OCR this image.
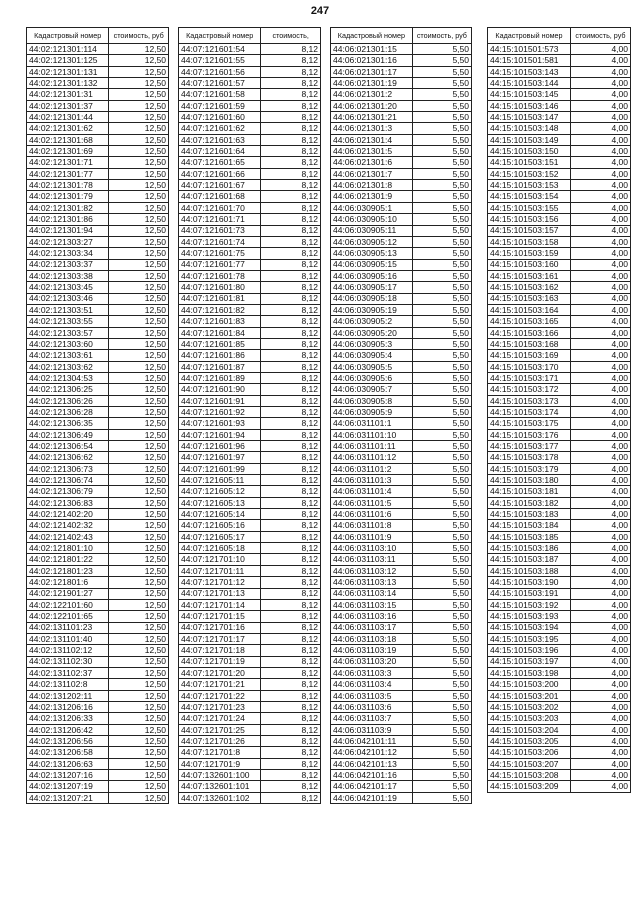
247
Кадастровый номер	стоимость, руб
44:02:121301:114	12,50
44:02:121301:125	12,50
44:02:121301:131	12,50
44:02:121301:132	12,50
44:02:121301:31	12,50
44:02:121301:37	12,50
44:02:121301:44	12,50
44:02:121301:62	12,50
44:02:121301:68	12,50
44:02:121301:69	12,50
44:02:121301:71	12,50
44:02:121301:77	12,50
44:02:121301:78	12,50
44:02:121301:79	12,50
44:02:121301:82	12,50
44:02:121301:86	12,50
44:02:121301:94	12,50
44:02:121303:27	12,50
44:02:121303:34	12,50
44:02:121303:37	12,50
44:02:121303:38	12,50
44:02:121303:45	12,50
44:02:121303:46	12,50
44:02:121303:51	12,50
44:02:121303:55	12,50
44:02:121303:57	12,50
44:02:121303:60	12,50
44:02:121303:61	12,50
44:02:121303:62	12,50
44:02:121304:53	12,50
44:02:121306:25	12,50
44:02:121306:26	12,50
44:02:121306:28	12,50
44:02:121306:35	12,50
44:02:121306:49	12,50
44:02:121306:54	12,50
44:02:121306:62	12,50
44:02:121306:73	12,50
44:02:121306:74	12,50
44:02:121306:79	12,50
44:02:121306:83	12,50
44:02:121402:20	12,50
44:02:121402:32	12,50
44:02:121402:43	12,50
44:02:121801:10	12,50
44:02:121801:22	12,50
44:02:121801:23	12,50
44:02:121801:6	12,50
44:02:121901:27	12,50
44:02:122101:60	12,50
44:02:122101:65	12,50
44:02:131101:23	12,50
44:02:131101:40	12,50
44:02:131102:12	12,50
44:02:131102:30	12,50
44:02:131102:37	12,50
44:02:131102:8	12,50
44:02:131202:11	12,50
44:02:131206:16	12,50
44:02:131206:33	12,50
44:02:131206:42	12,50
44:02:131206:56	12,50
44:02:131206:58	12,50
44:02:131206:63	12,50
44:02:131207:16	12,50
44:02:131207:19	12,50
44:02:131207:21	12,50
Кадастровый номер	стоимость,
44:07:121601:54	8,12
44:07:121601:55	8,12
44:07:121601:56	8,12
44:07:121601:57	8,12
44:07:121601:58	8,12
44:07:121601:59	8,12
44:07:121601:60	8,12
44:07:121601:62	8,12
44:07:121601:63	8,12
44:07:121601:64	8,12
44:07:121601:65	8,12
44:07:121601:66	8,12
44:07:121601:67	8,12
44:07:121601:68	8,12
44:07:121601:70	8,12
44:07:121601:71	8,12
44:07:121601:73	8,12
44:07:121601:74	8,12
44:07:121601:75	8,12
44:07:121601:77	8,12
44:07:121601:78	8,12
44:07:121601:80	8,12
44:07:121601:81	8,12
44:07:121601:82	8,12
44:07:121601:83	8,12
44:07:121601:84	8,12
44:07:121601:85	8,12
44:07:121601:86	8,12
44:07:121601:87	8,12
44:07:121601:89	8,12
44:07:121601:90	8,12
44:07:121601:91	8,12
44:07:121601:92	8,12
44:07:121601:93	8,12
44:07:121601:94	8,12
44:07:121601:96	8,12
44:07:121601:97	8,12
44:07:121601:99	8,12
44:07:121605:11	8,12
44:07:121605:12	8,12
44:07:121605:13	8,12
44:07:121605:14	8,12
44:07:121605:16	8,12
44:07:121605:17	8,12
44:07:121605:18	8,12
44:07:121701:10	8,12
44:07:121701:11	8,12
44:07:121701:12	8,12
44:07:121701:13	8,12
44:07:121701:14	8,12
44:07:121701:15	8,12
44:07:121701:16	8,12
44:07:121701:17	8,12
44:07:121701:18	8,12
44:07:121701:19	8,12
44:07:121701:20	8,12
44:07:121701:21	8,12
44:07:121701:22	8,12
44:07:121701:23	8,12
44:07:121701:24	8,12
44:07:121701:25	8,12
44:07:121701:26	8,12
44:07:121701:8	8,12
44:07:121701:9	8,12
44:07:132601:100	8,12
44:07:132601:101	8,12
44:07:132601:102	8,12
Кадастровый номер	стоимость, руб
44:06:021301:15	5,50
44:06:021301:16	5,50
44:06:021301:17	5,50
44:06:021301:19	5,50
44:06:021301:2	5,50
44:06:021301:20	5,50
44:06:021301:21	5,50
44:06:021301:3	5,50
44:06:021301:4	5,50
44:06:021301:5	5,50
44:06:021301:6	5,50
44:06:021301:7	5,50
44:06:021301:8	5,50
44:06:021301:9	5,50
44:06:030905:1	5,50
44:06:030905:10	5,50
44:06:030905:11	5,50
44:06:030905:12	5,50
44:06:030905:13	5,50
44:06:030905:15	5,50
44:06:030905:16	5,50
44:06:030905:17	5,50
44:06:030905:18	5,50
44:06:030905:19	5,50
44:06:030905:2	5,50
44:06:030905:20	5,50
44:06:030905:3	5,50
44:06:030905:4	5,50
44:06:030905:5	5,50
44:06:030905:6	5,50
44:06:030905:7	5,50
44:06:030905:8	5,50
44:06:030905:9	5,50
44:06:031101:1	5,50
44:06:031101:10	5,50
44:06:031101:11	5,50
44:06:031101:12	5,50
44:06:031101:2	5,50
44:06:031101:3	5,50
44:06:031101:4	5,50
44:06:031101:5	5,50
44:06:031101:6	5,50
44:06:031101:8	5,50
44:06:031101:9	5,50
44:06:031103:10	5,50
44:06:031103:11	5,50
44:06:031103:12	5,50
44:06:031103:13	5,50
44:06:031103:14	5,50
44:06:031103:15	5,50
44:06:031103:16	5,50
44:06:031103:17	5,50
44:06:031103:18	5,50
44:06:031103:19	5,50
44:06:031103:20	5,50
44:06:031103:3	5,50
44:06:031103:4	5,50
44:06:031103:5	5,50
44:06:031103:6	5,50
44:06:031103:7	5,50
44:06:031103:9	5,50
44:06:042101:11	5,50
44:06:042101:12	5,50
44:06:042101:13	5,50
44:06:042101:16	5,50
44:06:042101:17	5,50
44:06:042101:19	5,50
Кадастровый номер	стоимость, руб
44:15:101501:573	4,00
44:15:101501:581	4,00
44:15:101503:143	4,00
44:15:101503:144	4,00
44:15:101503:145	4,00
44:15:101503:146	4,00
44:15:101503:147	4,00
44:15:101503:148	4,00
44:15:101503:149	4,00
44:15:101503:150	4,00
44:15:101503:151	4,00
44:15:101503:152	4,00
44:15:101503:153	4,00
44:15:101503:154	4,00
44:15:101503:155	4,00
44:15:101503:156	4,00
44:15:101503:157	4,00
44:15:101503:158	4,00
44:15:101503:159	4,00
44:15:101503:160	4,00
44:15:101503:161	4,00
44:15:101503:162	4,00
44:15:101503:163	4,00
44:15:101503:164	4,00
44:15:101503:165	4,00
44:15:101503:166	4,00
44:15:101503:168	4,00
44:15:101503:169	4,00
44:15:101503:170	4,00
44:15:101503:171	4,00
44:15:101503:172	4,00
44:15:101503:173	4,00
44:15:101503:174	4,00
44:15:101503:175	4,00
44:15:101503:176	4,00
44:15:101503:177	4,00
44:15:101503:178	4,00
44:15:101503:179	4,00
44:15:101503:180	4,00
44:15:101503:181	4,00
44:15:101503:182	4,00
44:15:101503:183	4,00
44:15:101503:184	4,00
44:15:101503:185	4,00
44:15:101503:186	4,00
44:15:101503:187	4,00
44:15:101503:188	4,00
44:15:101503:190	4,00
44:15:101503:191	4,00
44:15:101503:192	4,00
44:15:101503:193	4,00
44:15:101503:194	4,00
44:15:101503:195	4,00
44:15:101503:196	4,00
44:15:101503:197	4,00
44:15:101503:198	4,00
44:15:101503:200	4,00
44:15:101503:201	4,00
44:15:101503:202	4,00
44:15:101503:203	4,00
44:15:101503:204	4,00
44:15:101503:205	4,00
44:15:101503:206	4,00
44:15:101503:207	4,00
44:15:101503:208	4,00
44:15:101503:209	4,00
